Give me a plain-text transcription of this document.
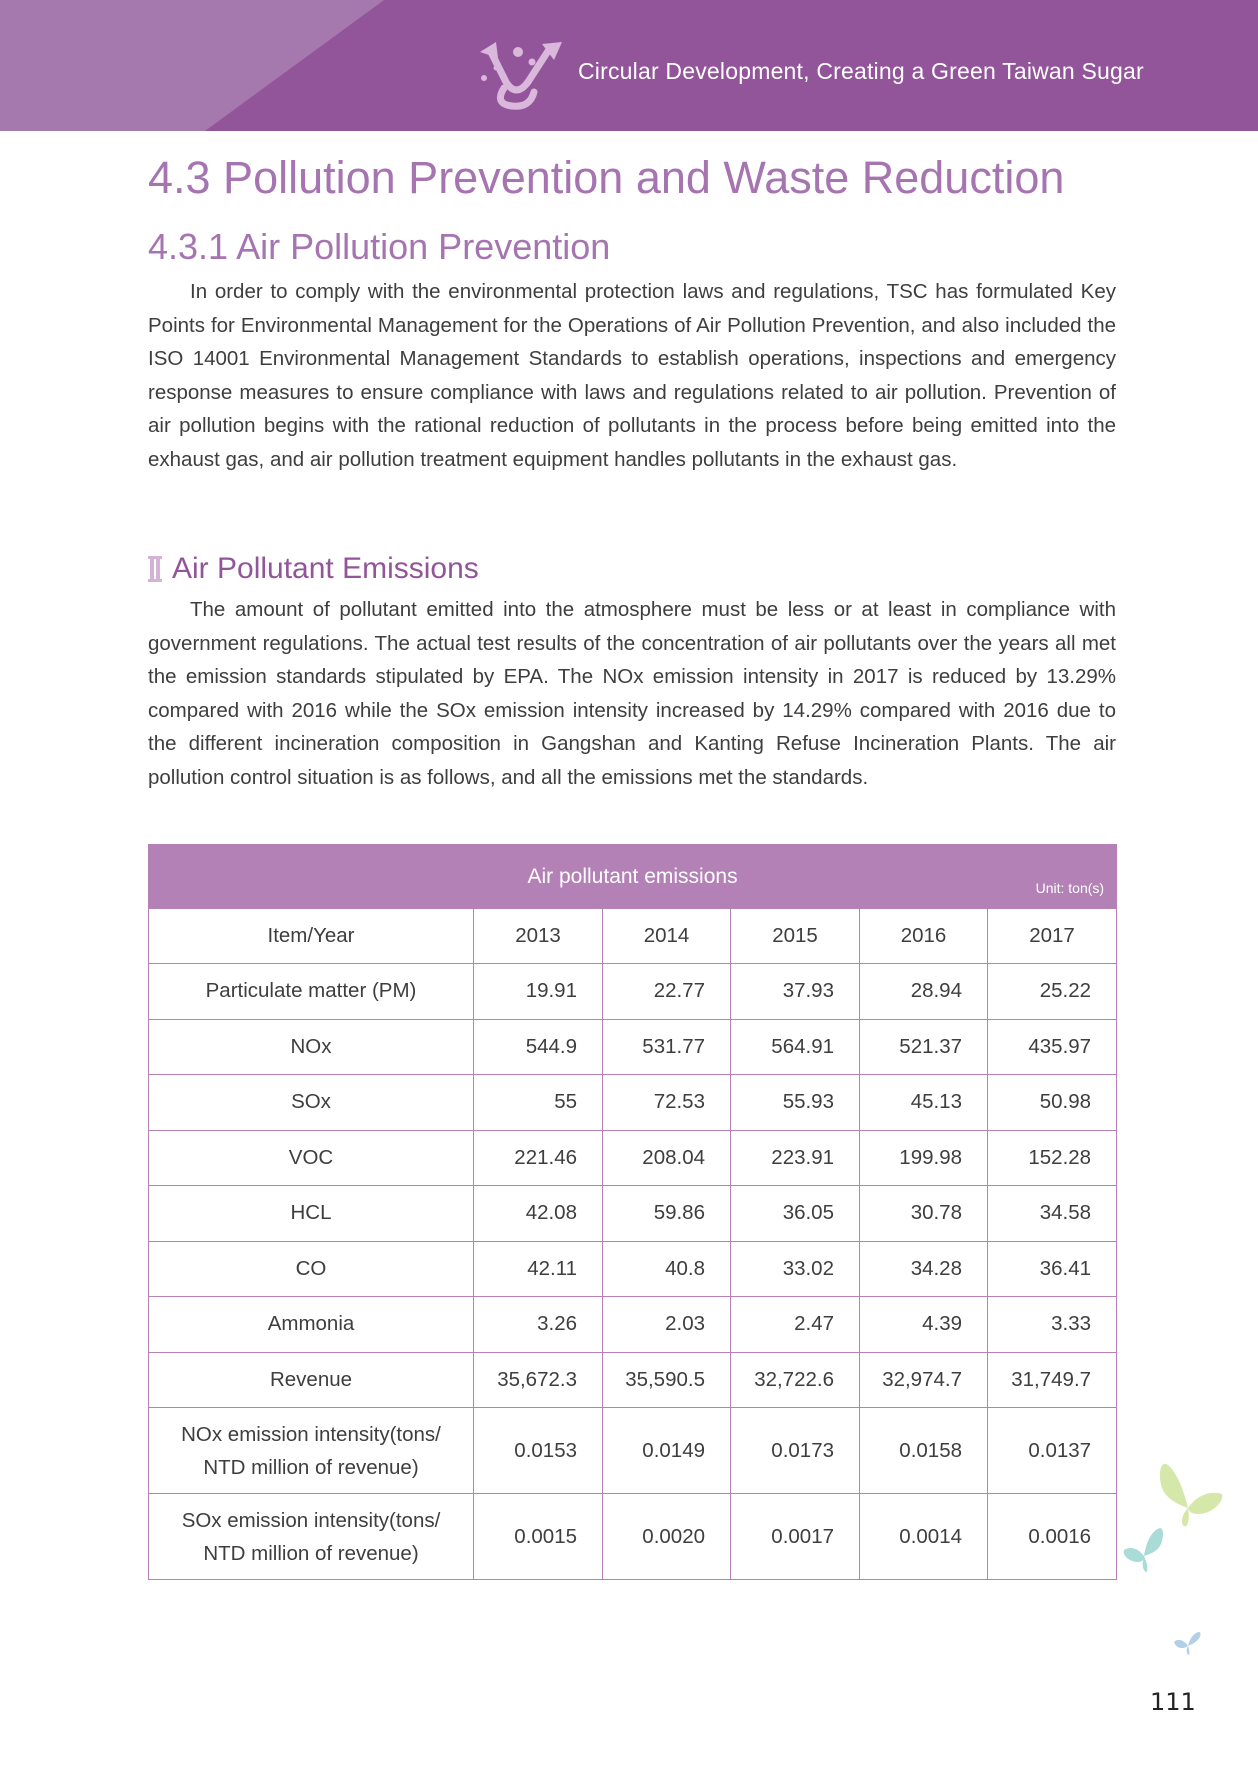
Circular Development, Creating a Green Taiwan Sugar
4.3 Pollution Prevention and Waste Reduction
4.3.1 Air Pollution Prevention

In order to comply with the environmental protection laws and regulations, TSC has formulated Key Points for Environmental Management for the Operations of Air Pollution Prevention, and also included the ISO 14001 Environmental Management Standards to establish operations, inspections and emergency response measures to ensure compliance with laws and regulations related to air pollution. Prevention of air pollution begins with the rational reduction of pollutants in the process before being emitted into the exhaust gas, and air pollution treatment equipment handles pollutants in the exhaust gas.

Air Pollutant Emissions

The amount of pollutant emitted into the atmosphere must be less or at least in compliance with government regulations. The actual test results of the concentration of air pollutants over the years all met the emission standards stipulated by EPA. The NOx emission intensity in 2017 is reduced by 13.29% compared with 2016 while the SOx emission intensity increased by 14.29% compared with 2016 due to the different incineration composition in Gangshan and Kanting Refuse Incineration Plants. The air pollution control situation is as follows, and all the emissions met the standards.

Air pollutant emissions
Unit: ton(s)					

Item/Year	2013	2014	2015	2016	2017
Particulate matter (PM)	19.91	22.77	37.93	28.94	25.22
NOx	544.9	531.77	564.91	521.37	435.97
SOx	55	72.53	55.93	45.13	50.98
VOC	221.46	208.04	223.91	199.98	152.28
HCL	42.08	59.86	36.05	30.78	34.58
CO	42.11	40.8	33.02	34.28	36.41
Ammonia	3.26	2.03	2.47	4.39	3.33
Revenue	35,672.3	35,590.5	32,722.6	32,974.7	31,749.7
NOx emission intensity(tons/
NTD million of revenue)	0.0153	0.0149	0.0173	0.0158	0.0137
SOx emission intensity(tons/
NTD million of revenue)	0.0015	0.0020	0.0017	0.0014	0.0016
111
